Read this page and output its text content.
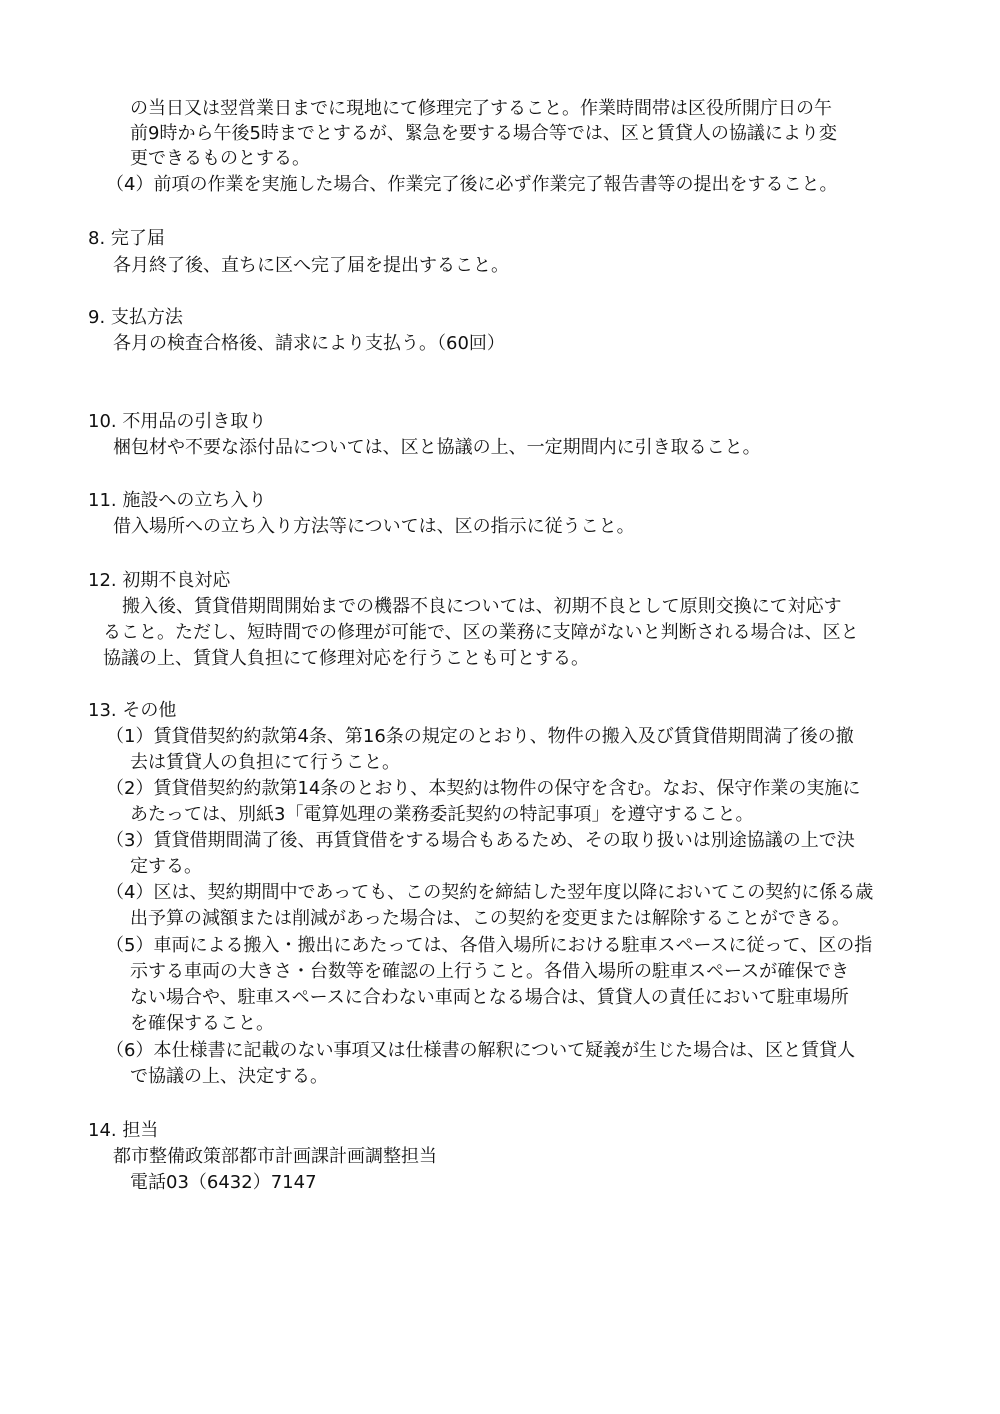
の当日又は翌営業日までに現地にて修理完了すること。作業時間帯は区役所開庁日の午
前9時から午後5時までとするが、緊急を要する場合等では、区と賃貸人の協議により変
更できるものとする。
（4）前項の作業を実施した場合、作業完了後に必ず作業完了報告書等の提出をすること。
8. 完了届
各月終了後、直ちに区へ完了届を提出すること。
9. 支払方法
各月の検査合格後、請求により支払う。（60回）
10. 不用品の引き取り
梱包材や不要な添付品については、区と協議の上、一定期間内に引き取ること。
11. 施設への立ち入り
借入場所への立ち入り方法等については、区の指示に従うこと。
12. 初期不良対応
搬入後、賃貸借期間開始までの機器不良については、初期不良として原則交換にて対応す
ること。ただし、短時間での修理が可能で、区の業務に支障がないと判断される場合は、区と
協議の上、賃貸人負担にて修理対応を行うことも可とする。
13. その他
（1）賃貸借契約約款第4条、第16条の規定のとおり、物件の搬入及び賃貸借期間満了後の撤
去は賃貸人の負担にて行うこと。
（2）賃貸借契約約款第14条のとおり、本契約は物件の保守を含む。なお、保守作業の実施に
あたっては、別紙3「電算処理の業務委託契約の特記事項」を遵守すること。
（3）賃貸借期間満了後、再賃貸借をする場合もあるため、その取り扱いは別途協議の上で決
定する。
（4）区は、契約期間中であっても、この契約を締結した翌年度以降においてこの契約に係る歳
出予算の減額または削減があった場合は、この契約を変更または解除することができる。
（5）車両による搬入・搬出にあたっては、各借入場所における駐車スペースに従って、区の指
示する車両の大きさ・台数等を確認の上行うこと。各借入場所の駐車スペースが確保でき
ない場合や、駐車スペースに合わない車両となる場合は、賃貸人の責任において駐車場所
を確保すること。
（6）本仕様書に記載のない事項又は仕様書の解釈について疑義が生じた場合は、区と賃貸人
で協議の上、決定する。
14. 担当
都市整備政策部都市計画課計画調整担当
電話03（6432）7147
